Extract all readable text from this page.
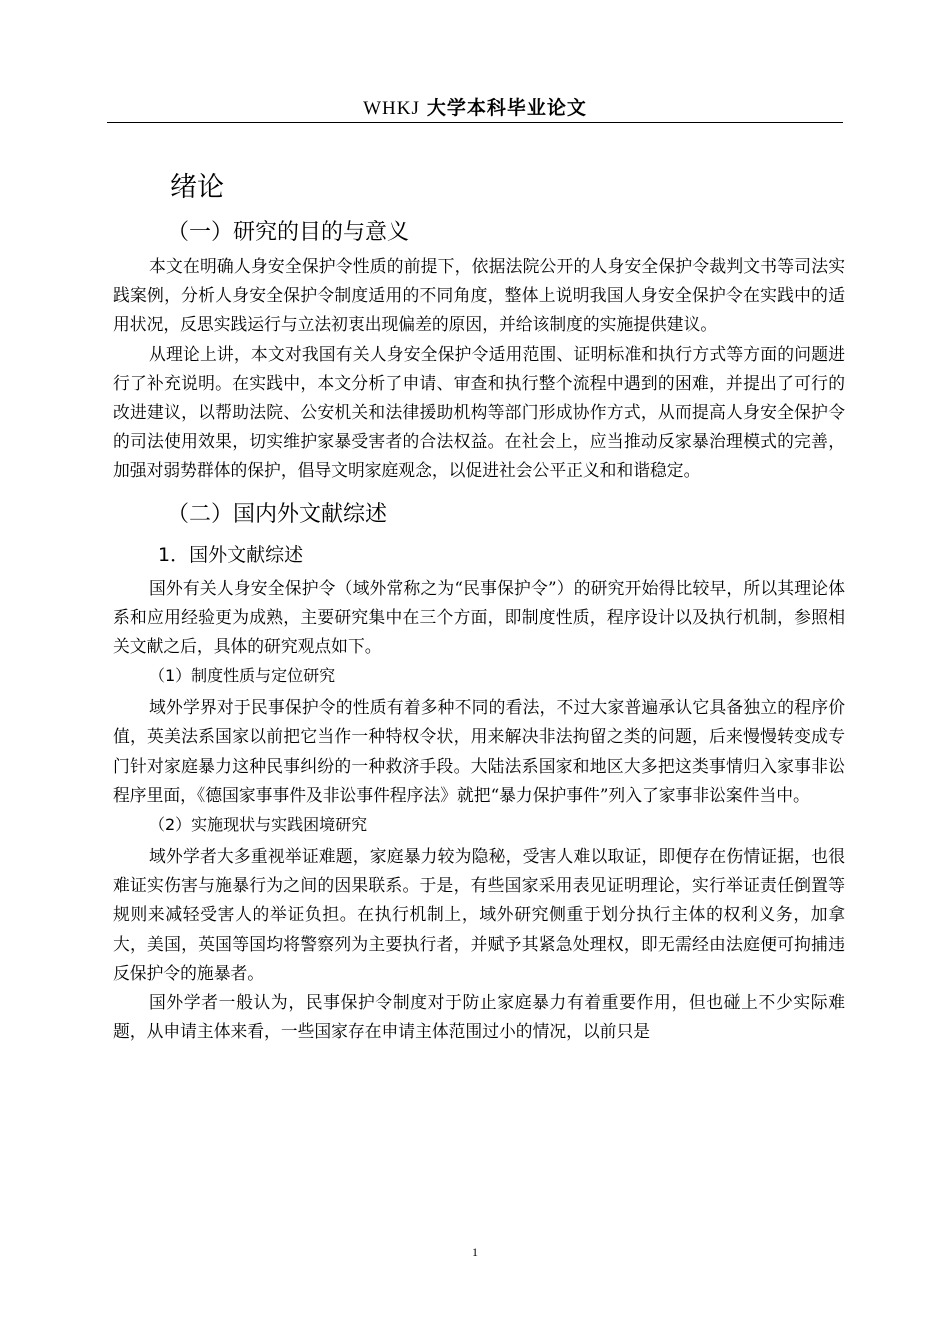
WHKJ 大学本科毕业论文
绪论
（一）研究的目的与意义

本文在明确人身安全保护令性质的前提下，依据法院公开的人身安全保护令裁判文书等司法实践案例，分析人身安全保护令制度适用的不同角度，整体上说明我国人身安全保护令在实践中的适用状况，反思实践运行与立法初衷出现偏差的原因，并给该制度的实施提供建议。

从理论上讲，本文对我国有关人身安全保护令适用范围、证明标准和执行方式等方面的问题进行了补充说明。在实践中，本文分析了申请、审查和执行整个流程中遇到的困难，并提出了可行的改进建议，以帮助法院、公安机关和法律援助机构等部门形成协作方式，从而提高人身安全保护令的司法使用效果，切实维护家暴受害者的合法权益。在社会上，应当推动反家暴治理模式的完善，加强对弱势群体的保护，倡导文明家庭观念，以促进社会公平正义和和谐稳定。

（二）国内外文献综述
1．国外文献综述

国外有关人身安全保护令（域外常称之为“民事保护令”）的研究开始得比较早，所以其理论体系和应用经验更为成熟，主要研究集中在三个方面，即制度性质，程序设计以及执行机制，参照相关文献之后，具体的研究观点如下。

（1）制度性质与定位研究

域外学界对于民事保护令的性质有着多种不同的看法，不过大家普遍承认它具备独立的程序价值，英美法系国家以前把它当作一种特权令状，用来解决非法拘留之类的问题，后来慢慢转变成专门针对家庭暴力这种民事纠纷的一种救济手段。大陆法系国家和地区大多把这类事情归入家事非讼程序里面，《德国家事事件及非讼事件程序法》就把“暴力保护事件”列入了家事非讼案件当中。

（2）实施现状与实践困境研究

域外学者大多重视举证难题，家庭暴力较为隐秘，受害人难以取证，即便存在伤情证据，也很难证实伤害与施暴行为之间的因果联系。于是，有些国家采用表见证明理论，实行举证责任倒置等规则来减轻受害人的举证负担。在执行机制上，域外研究侧重于划分执行主体的权利义务，加拿大，美国，英国等国均将警察列为主要执行者，并赋予其紧急处理权，即无需经由法庭便可拘捕违反保护令的施暴者。

国外学者一般认为，民事保护令制度对于防止家庭暴力有着重要作用，但也碰上不少实际难题，从申请主体来看，一些国家存在申请主体范围过小的情况，以前只是

1
